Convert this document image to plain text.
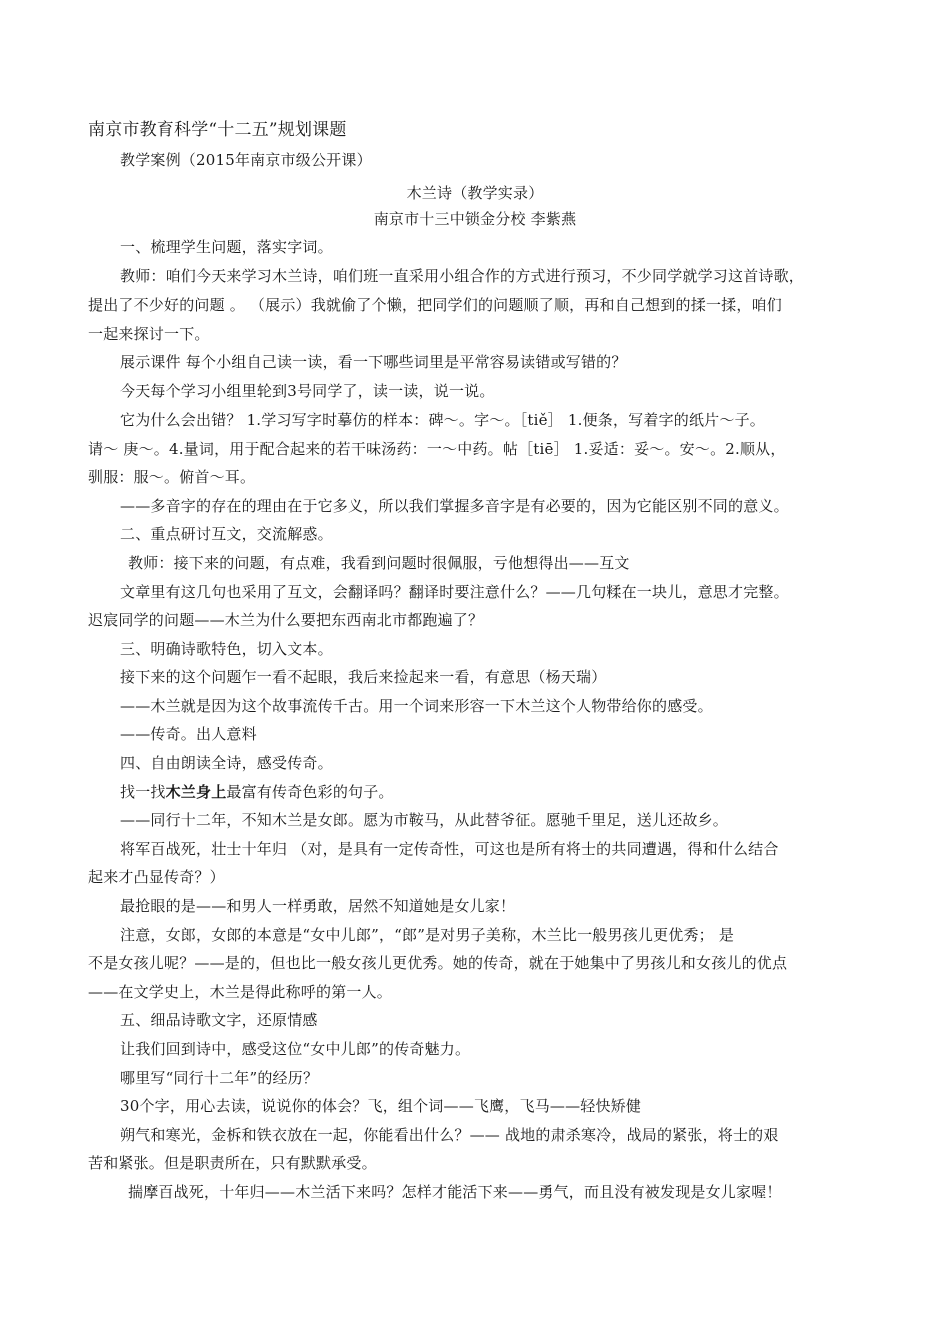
南京市教育科学“十二五”规划课题
教学案例（2015年南京市级公开课）
木兰诗（教学实录）
南京市十三中锁金分校 李紫燕
一、梳理学生问题，落实字词。
教师：咱们今天来学习木兰诗，咱们班一直采用小组合作的方式进行预习，不少同学就学习这首诗歌，
提出了不少好的问题 。 （展示）我就偷了个懒，把同学们的问题顺了顺，再和自己想到的揉一揉，咱们
一起来探讨一下。
展示课件 每个小组自己读一读，看一下哪些词里是平常容易读错或写错的？
今天每个学习小组里轮到3号同学了，读一读，说一说。
它为什么会出错？ 1.学习写字时摹仿的样本：碑～。字～。［tiě］ 1.便条，写着字的纸片～子。
请～ 庚～。4.量词，用于配合起来的若干味汤药：一～中药。帖［tiē］ 1.妥适：妥～。安～。2.顺从，
驯服：服～。俯首～耳。
——多音字的存在的理由在于它多义，所以我们掌握多音字是有必要的，因为它能区别不同的意义。
二、重点研讨互文，交流解惑。
教师：接下来的问题，有点难，我看到问题时很佩服，亏他想得出——互文
文章里有这几句也采用了互文，会翻译吗？翻译时要注意什么？——几句糅在一块儿，意思才完整。
迟宸同学的问题——木兰为什么要把东西南北市都跑遍了？
三、明确诗歌特色，切入文本。
接下来的这个问题乍一看不起眼，我后来捡起来一看，有意思（杨天瑞）
——木兰就是因为这个故事流传千古。用一个词来形容一下木兰这个人物带给你的感受。
——传奇。出人意料
四、自由朗读全诗，感受传奇。
找一找木兰身上最富有传奇色彩的句子。
——同行十二年，不知木兰是女郎。愿为市鞍马，从此替爷征。愿驰千里足，送儿还故乡。
将军百战死，壮士十年归 （对，是具有一定传奇性，可这也是所有将士的共同遭遇，得和什么结合
起来才凸显传奇？）
最抢眼的是——和男人一样勇敢，居然不知道她是女儿家！
注意，女郎，女郎的本意是“女中儿郎”，“郎”是对男子美称，木兰比一般男孩儿更优秀； 是
不是女孩儿呢？——是的，但也比一般女孩儿更优秀。她的传奇，就在于她集中了男孩儿和女孩儿的优点
——在文学史上，木兰是得此称呼的第一人。
五、细品诗歌文字，还原情感
让我们回到诗中，感受这位“女中儿郎”的传奇魅力。
哪里写“同行十二年”的经历？
30个字，用心去读，说说你的体会？飞，组个词——飞鹰，飞马——轻快矫健
朔气和寒光，金柝和铁衣放在一起，你能看出什么？—— 战地的肃杀寒冷，战局的紧张，将士的艰
苦和紧张。但是职责所在，只有默默承受。
揣摩百战死，十年归——木兰活下来吗？怎样才能活下来——勇气，而且没有被发现是女儿家喔！
